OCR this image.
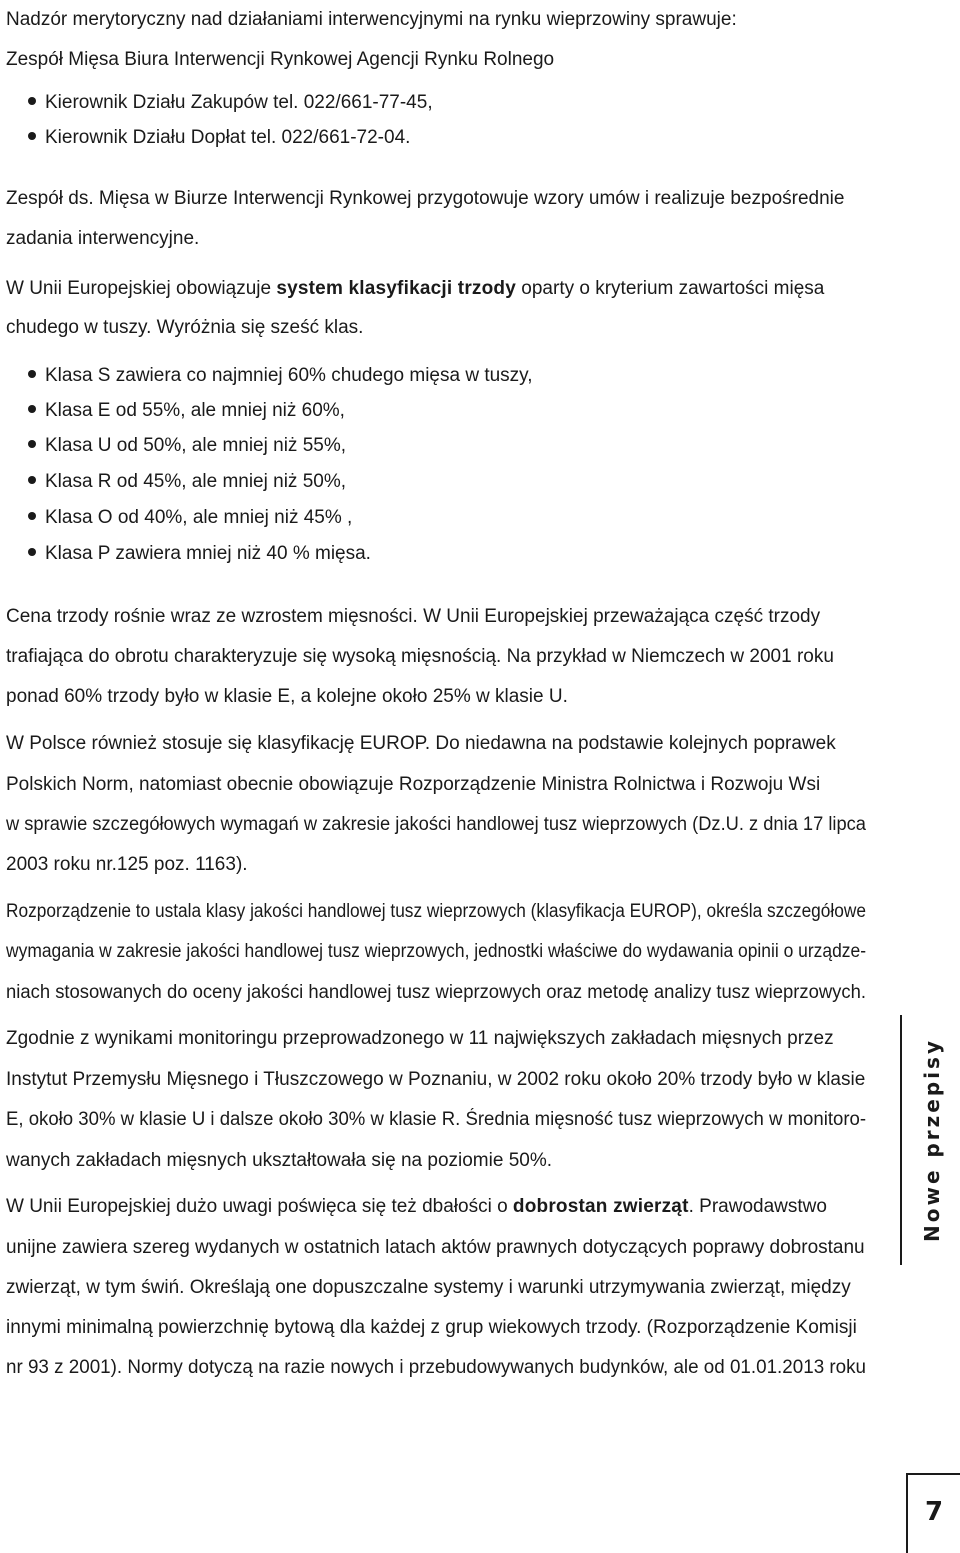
Nadzór merytoryczny nad działaniami interwencyjnymi na rynku wieprzowiny sprawuje:
Zespół Mięsa Biura Interwencji Rynkowej Agencji Rynku Rolnego
Kierownik Działu Zakupów tel. 022/661-77-45,
Kierownik Działu Dopłat tel. 022/661-72-04.
Zespół ds. Mięsa w Biurze Interwencji Rynkowej przygotowuje wzory umów i realizuje bezpośrednie
zadania interwencyjne.
W Unii Europejskiej obowiązuje system klasyfikacji trzody oparty o kryterium zawartości mięsa
chudego w tuszy. Wyróżnia się sześć klas.
Klasa S zawiera co najmniej 60% chudego mięsa w tuszy,
Klasa E od 55%, ale mniej niż 60%,
Klasa U od 50%, ale mniej niż 55%,
Klasa R od 45%, ale mniej niż 50%,
Klasa O od 40%, ale mniej niż 45% ,
Klasa P zawiera mniej niż 40 % mięsa.
Cena trzody rośnie wraz ze wzrostem mięsności. W Unii Europejskiej przeważająca część trzody
trafiająca do obrotu charakteryzuje się wysoką mięsnością. Na przykład w Niemczech w 2001 roku
ponad 60% trzody było w klasie E, a kolejne około 25% w klasie U.
W Polsce również stosuje się klasyfikację EUROP. Do niedawna na podstawie kolejnych poprawek
Polskich Norm, natomiast obecnie obowiązuje Rozporządzenie Ministra Rolnictwa i Rozwoju Wsi
w sprawie szczegółowych wymagań w zakresie jakości handlowej tusz wieprzowych (Dz.U. z dnia 17 lipca
2003 roku nr.125 poz. 1163).
Rozporządzenie to ustala klasy jakości handlowej tusz wieprzowych (klasyfikacja EUROP), określa szczegółowe
wymagania w zakresie jakości handlowej tusz wieprzowych, jednostki właściwe do wydawania opinii o urządze-
niach stosowanych do oceny jakości handlowej tusz wieprzowych oraz metodę analizy tusz wieprzowych.
Zgodnie z wynikami monitoringu przeprowadzonego w 11 największych zakładach mięsnych przez
Instytut Przemysłu Mięsnego i Tłuszczowego w Poznaniu, w 2002 roku około 20% trzody było w klasie
E, około 30% w klasie U i dalsze około 30% w klasie R. Średnia mięsność tusz wieprzowych w monitoro-
wanych zakładach mięsnych ukształtowała się na poziomie 50%.
W Unii Europejskiej dużo uwagi poświęca się też dbałości o dobrostan zwierząt. Prawodawstwo
unijne zawiera szereg wydanych w ostatnich latach aktów prawnych dotyczących poprawy dobrostanu
zwierząt, w tym świń. Określają one dopuszczalne systemy i warunki utrzymywania zwierząt, między
innymi minimalną powierzchnię bytową dla każdej z grup wiekowych trzody. (Rozporządzenie Komisji
nr 93 z 2001). Normy dotyczą na razie nowych i przebudowywanych budynków, ale od 01.01.2013 roku
Nowe przepisy
7
